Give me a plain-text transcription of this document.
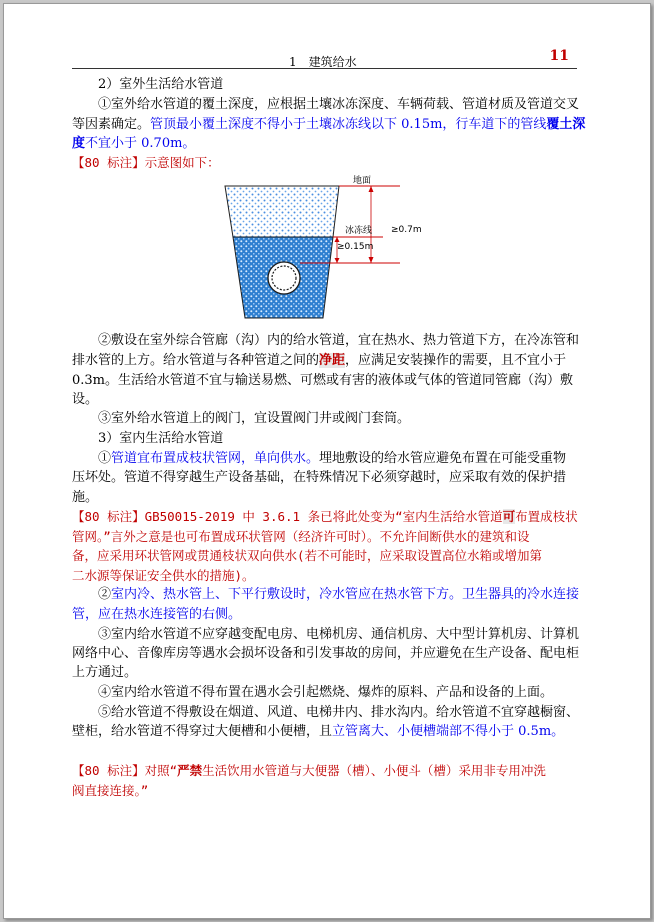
1　建筑给水	11
2）室外生活给水管道
①室外给水管道的覆土深度，应根据土壤冰冻深度、车辆荷载、管道材质及管道交叉
等因素确定。管顶最小覆土深度不得小于土壤冰冻线以下 0.15m，行车道下的管线覆土深
度不宜小于 0.70m。
【80 标注】示意图如下：
地面
冰冻线 ≥0.7m
≥0.15m
②敷设在室外综合管廊（沟）内的给水管道，宜在热水、热力管道下方，在冷冻管和
排水管的上方。给水管道与各种管道之间的净距，应满足安装操作的需要，且不宜小于
0.3m。生活给水管道不宜与输送易燃、可燃或有害的液体或气体的管道同管廊（沟）敷
设。
③室外给水管道上的阀门，宜设置阀门井或阀门套筒。
3）室内生活给水管道
①管道宜布置成枝状管网，单向供水。埋地敷设的给水管应避免布置在可能受重物
压坏处。管道不得穿越生产设备基础，在特殊情况下必须穿越时，应采取有效的保护措
施。
【80 标注】GB50015-2019 中 3.6.1 条已将此处变为“室内生活给水管道可布置成枝状
管网。”言外之意是也可布置成环状管网（经济许可时）。不允许间断供水的建筑和设
备，应采用环状管网或贯通枝状双向供水(若不可能时，应采取设置高位水箱或增加第
二水源等保证安全供水的措施)。
②室内冷、热水管上、下平行敷设时，冷水管应在热水管下方。卫生器具的冷水连接
管，应在热水连接管的右侧。
③室内给水管道不应穿越变配电房、电梯机房、通信机房、大中型计算机房、计算机
网络中心、音像库房等遇水会损坏设备和引发事故的房间，并应避免在生产设备、配电柜
上方通过。
④室内给水管道不得布置在遇水会引起燃烧、爆炸的原料、产品和设备的上面。
⑤给水管道不得敷设在烟道、风道、电梯井内、排水沟内。给水管道不宜穿越橱窗、
壁柜，给水管道不得穿过大便槽和小便槽，且立管离大、小便槽端部不得小于 0.5m。
【80 标注】对照“严禁生活饮用水管道与大便器（槽）、小便斗（槽）采用非专用冲洗
阀直接连接。”
